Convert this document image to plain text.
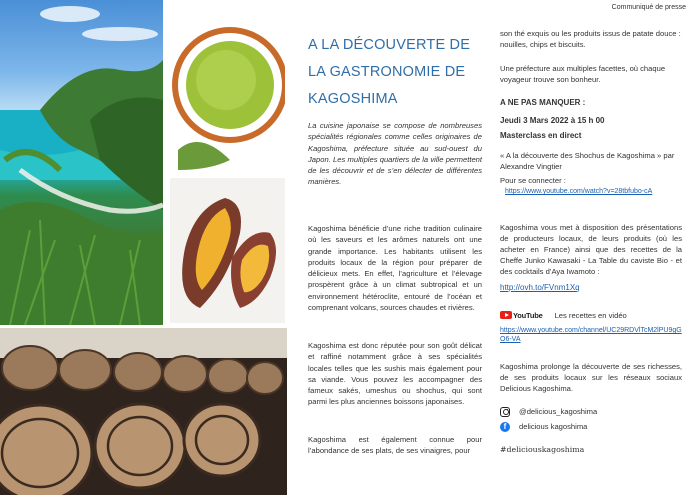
A LA DÉCOUVERTE DE
LA GASTRONOMIE DE
KAGOSHIMA

La cuisine japonaise se compose de nombreuses spécialités régionales comme celles originaires de Kagoshima, préfecture située au sud-ouest du Japon. Les multiples quartiers de la ville permettent de les découvrir et de s’en délecter de différentes manières.

Kagoshima bénéficie d’une riche tradition culinaire où les saveurs et les arômes naturels ont une grande importance. Les habitants utilisent les produits locaux de la région pour préparer de délicieux mets. En effet, l’agriculture et l’élevage prospèrent grâce à un climat subtropical et un environnement hétéroclite, entouré de l’océan et comprenant volcans, sources chaudes et rivières.

Kagoshima est donc réputée pour son goût délicat et raffiné notamment grâce à ses spécialités locales telles que les sushis mais également pour sa viande. Vous pouvez les accompagner des fameux sakés, umeshus ou shochus, qui sont parmi les plus anciennes boissons japonaises.

Kagoshima est également connue pour l’abondance de ses plats, de ses vinaigres, pour

Communiqué de presse

son thé exquis ou les produits issus de patate douce : nouilles, chips et biscuits.

Une préfecture aux multiples facettes, où chaque voyageur trouve son bonheur.

A NE PAS MANQUER :

Jeudi 3 Mars 2022 à 15 h 00

Masterclass en direct

« A la découverte des Shochus de Kagoshima » par Alexandre Vingtier

Pour se connecter :

https://www.youtube.com/watch?v=28tbfubo-cA

Kagoshima vous met à disposition des présentations de producteurs locaux, de leurs produits (où les acheter en France) ainsi que des recettes de la Cheffe Junko Kawasaki - La Table du caviste Bio - et des cocktails d’Aya Iwamoto :

http://ovh.to/FVnm1Xq
YouTube Les recettes en vidéo
https://www.youtube.com/channel/UC29RDVlTcM2lPU9gGO6-VA

Kagoshima prolonge la découverte de ses richesses, de ses produits locaux sur les réseaux sociaux Delicious Kagoshima.

@delicious_kagoshima
f	delicious kagoshima

#deliciouskagoshima
